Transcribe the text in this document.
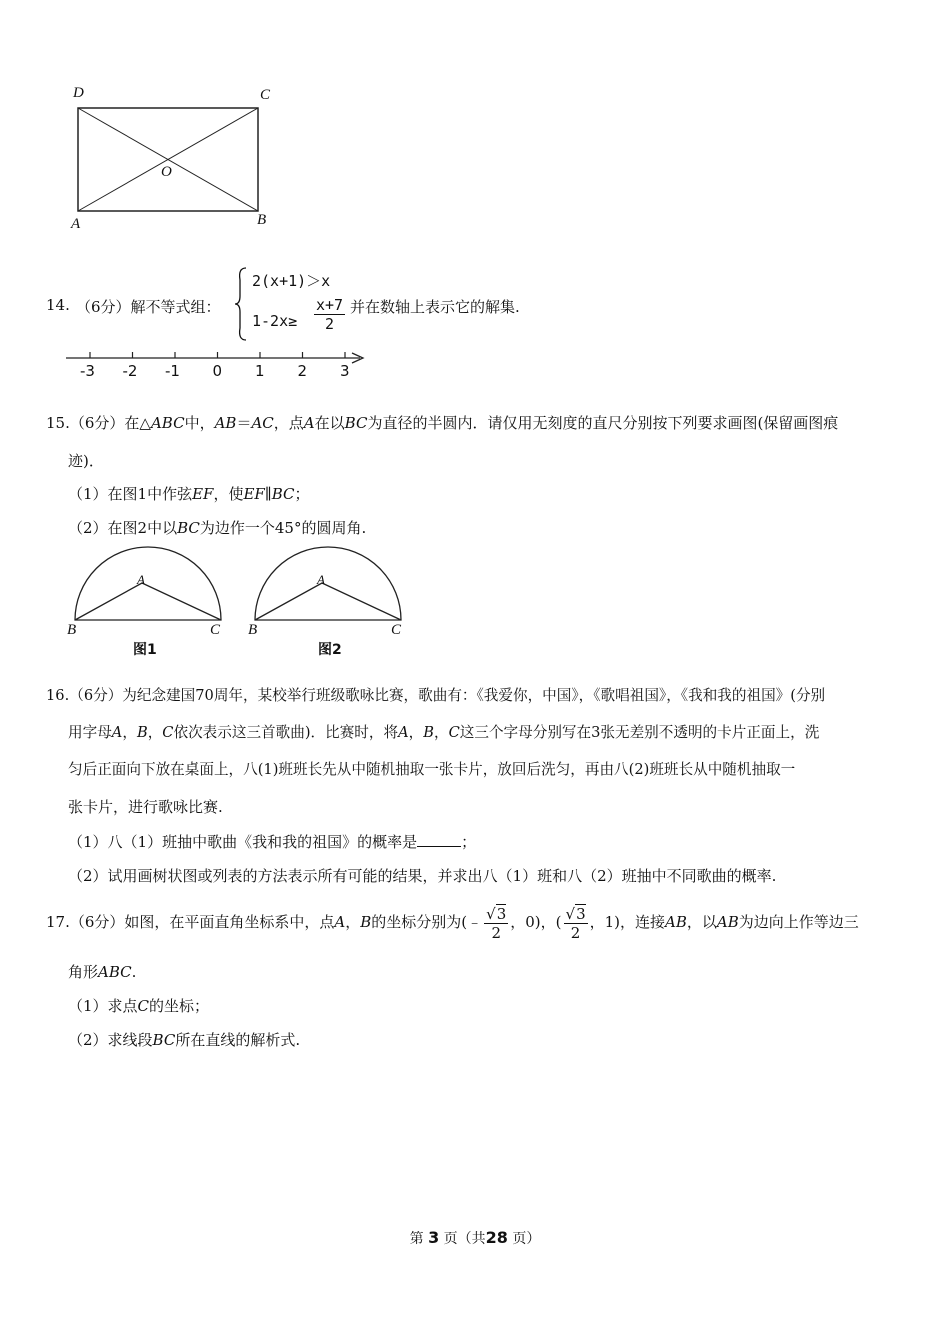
D	C
O
A	B
14. （6分）解不等式组：
2(x+1)＞x
$1-2x\ge \frac{x+7}{2}$ 并在数轴上表示它的解集.
-3 -2 -1 0 1 2 3
15.（6分）在△ABC中，AB＝AC，点A在以BC为直径的半圆内．请仅用无刻度的直尺分别按下列要求画图(保留画图痕
迹)．
（1）在图1中作弦EF，使EF∥BC；
（2）在图2中以BC为边作一个45°的圆周角.
A
B	C
图1
A
B	C
图2
16.（6分）为纪念建国70周年，某校举行班级歌咏比赛，歌曲有：《我爱你，中国》，《歌唱祖国》，《我和我的祖国》(分别
用字母A，B，C依次表示这三首歌曲)．比赛时，将A，B，C这三个字母分别写在3张无差别不透明的卡片正面上，洗
匀后正面向下放在桌面上，八(1)班班长先从中随机抽取一张卡片，放回后洗匀，再由八(2)班班长从中随机抽取一
张卡片，进行歌咏比赛.
（1）八（1）班抽中歌曲《我和我的祖国》的概率是	；
（2）试用画树状图或列表的方法表示所有可能的结果，并求出八（1）班和八（2）班抽中不同歌曲的概率.
17.（6分）如图，在平面直角坐标系中，点A，B的坐标分别为(﹣ $\frac{√3}{2}$ ，0)，( $\frac{√3}{2}$ ，1)，连接AB，以AB为边向上作等边三
角形ABC.
（1）求点C的坐标；
（2）求线段BC所在直线的解析式.
第 3 页（共28 页）
